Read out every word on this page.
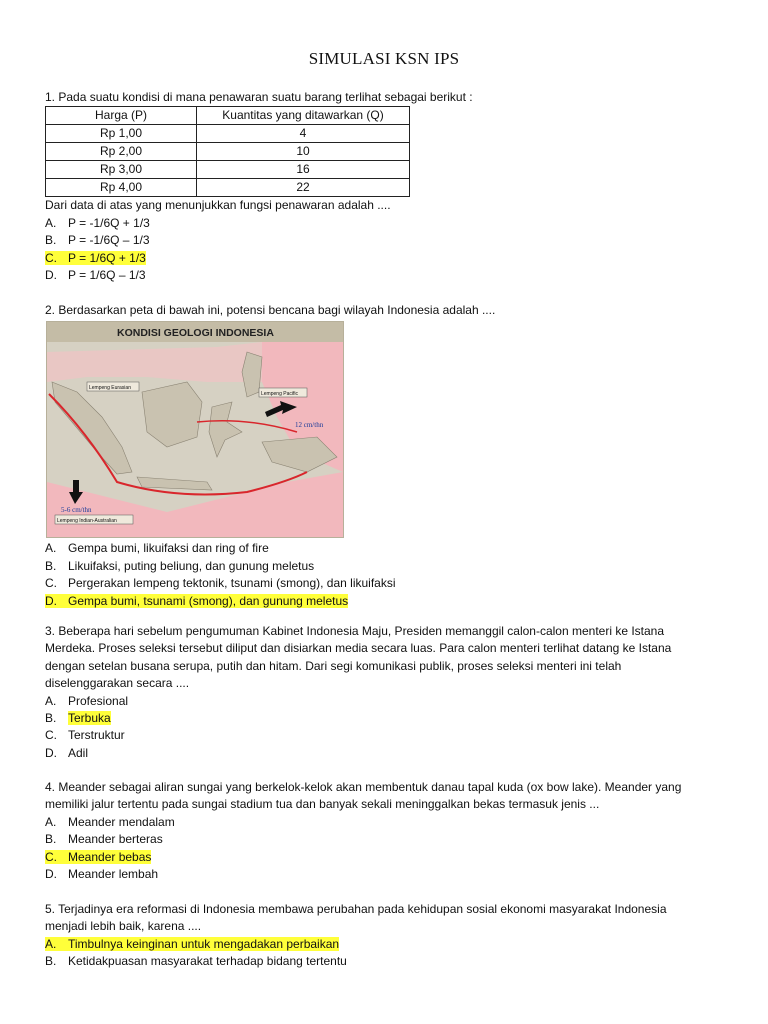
SIMULASI KSN IPS

1. Pada suatu kondisi di mana penawaran suatu barang terlihat sebagai berikut :

Harga (P)	Kuantitas yang ditawarkan (Q)
Rp 1,00	4
Rp 2,00	10
Rp 3,00	16
Rp 4,00	22

Dari data di atas yang menunjukkan fungsi penawaran adalah ....

A. P = -1/6Q + 1/3
B. P = -1/6Q – 1/3
C. P = 1/6Q + 1/3
D. P = 1/6Q – 1/3

2. Berdasarkan peta di bawah ini, potensi bencana bagi wilayah Indonesia adalah ....

KONDISI GEOLOGI INDONESIA
Lempeng Eurasian
Lempeng Pacific
12 cm/thn
5-6 cm/thn
Lempeng Indian-Australian
A. Gempa bumi, likuifaksi dan ring of fire
B. Likuifaksi, puting beliung, dan gunung meletus
C. Pergerakan lempeng tektonik, tsunami (smong), dan likuifaksi
D. Gempa bumi, tsunami (smong), dan gunung meletus

3. Beberapa hari sebelum pengumuman Kabinet Indonesia Maju, Presiden memanggil calon-calon menteri ke Istana
Merdeka. Proses seleksi tersebut diliput dan disiarkan media secara luas. Para calon menteri terlihat datang ke Istana
dengan setelan busana serupa, putih dan hitam. Dari segi komunikasi publik, proses seleksi menteri ini telah
diselenggarakan secara ....

A. Profesional
B. Terbuka
C. Terstruktur
D. Adil

4. Meander sebagai aliran sungai yang berkelok-kelok akan membentuk danau tapal kuda (ox bow lake). Meander yang
memiliki jalur tertentu pada sungai stadium tua dan banyak sekali meninggalkan bekas termasuk jenis ...

A. Meander mendalam
B. Meander berteras
C. Meander bebas
D. Meander lembah

5. Terjadinya era reformasi di Indonesia membawa perubahan pada kehidupan sosial ekonomi masyarakat Indonesia
menjadi lebih baik, karena ....

A. Timbulnya keinginan untuk mengadakan perbaikan
B. Ketidakpuasan masyarakat terhadap bidang tertentu
